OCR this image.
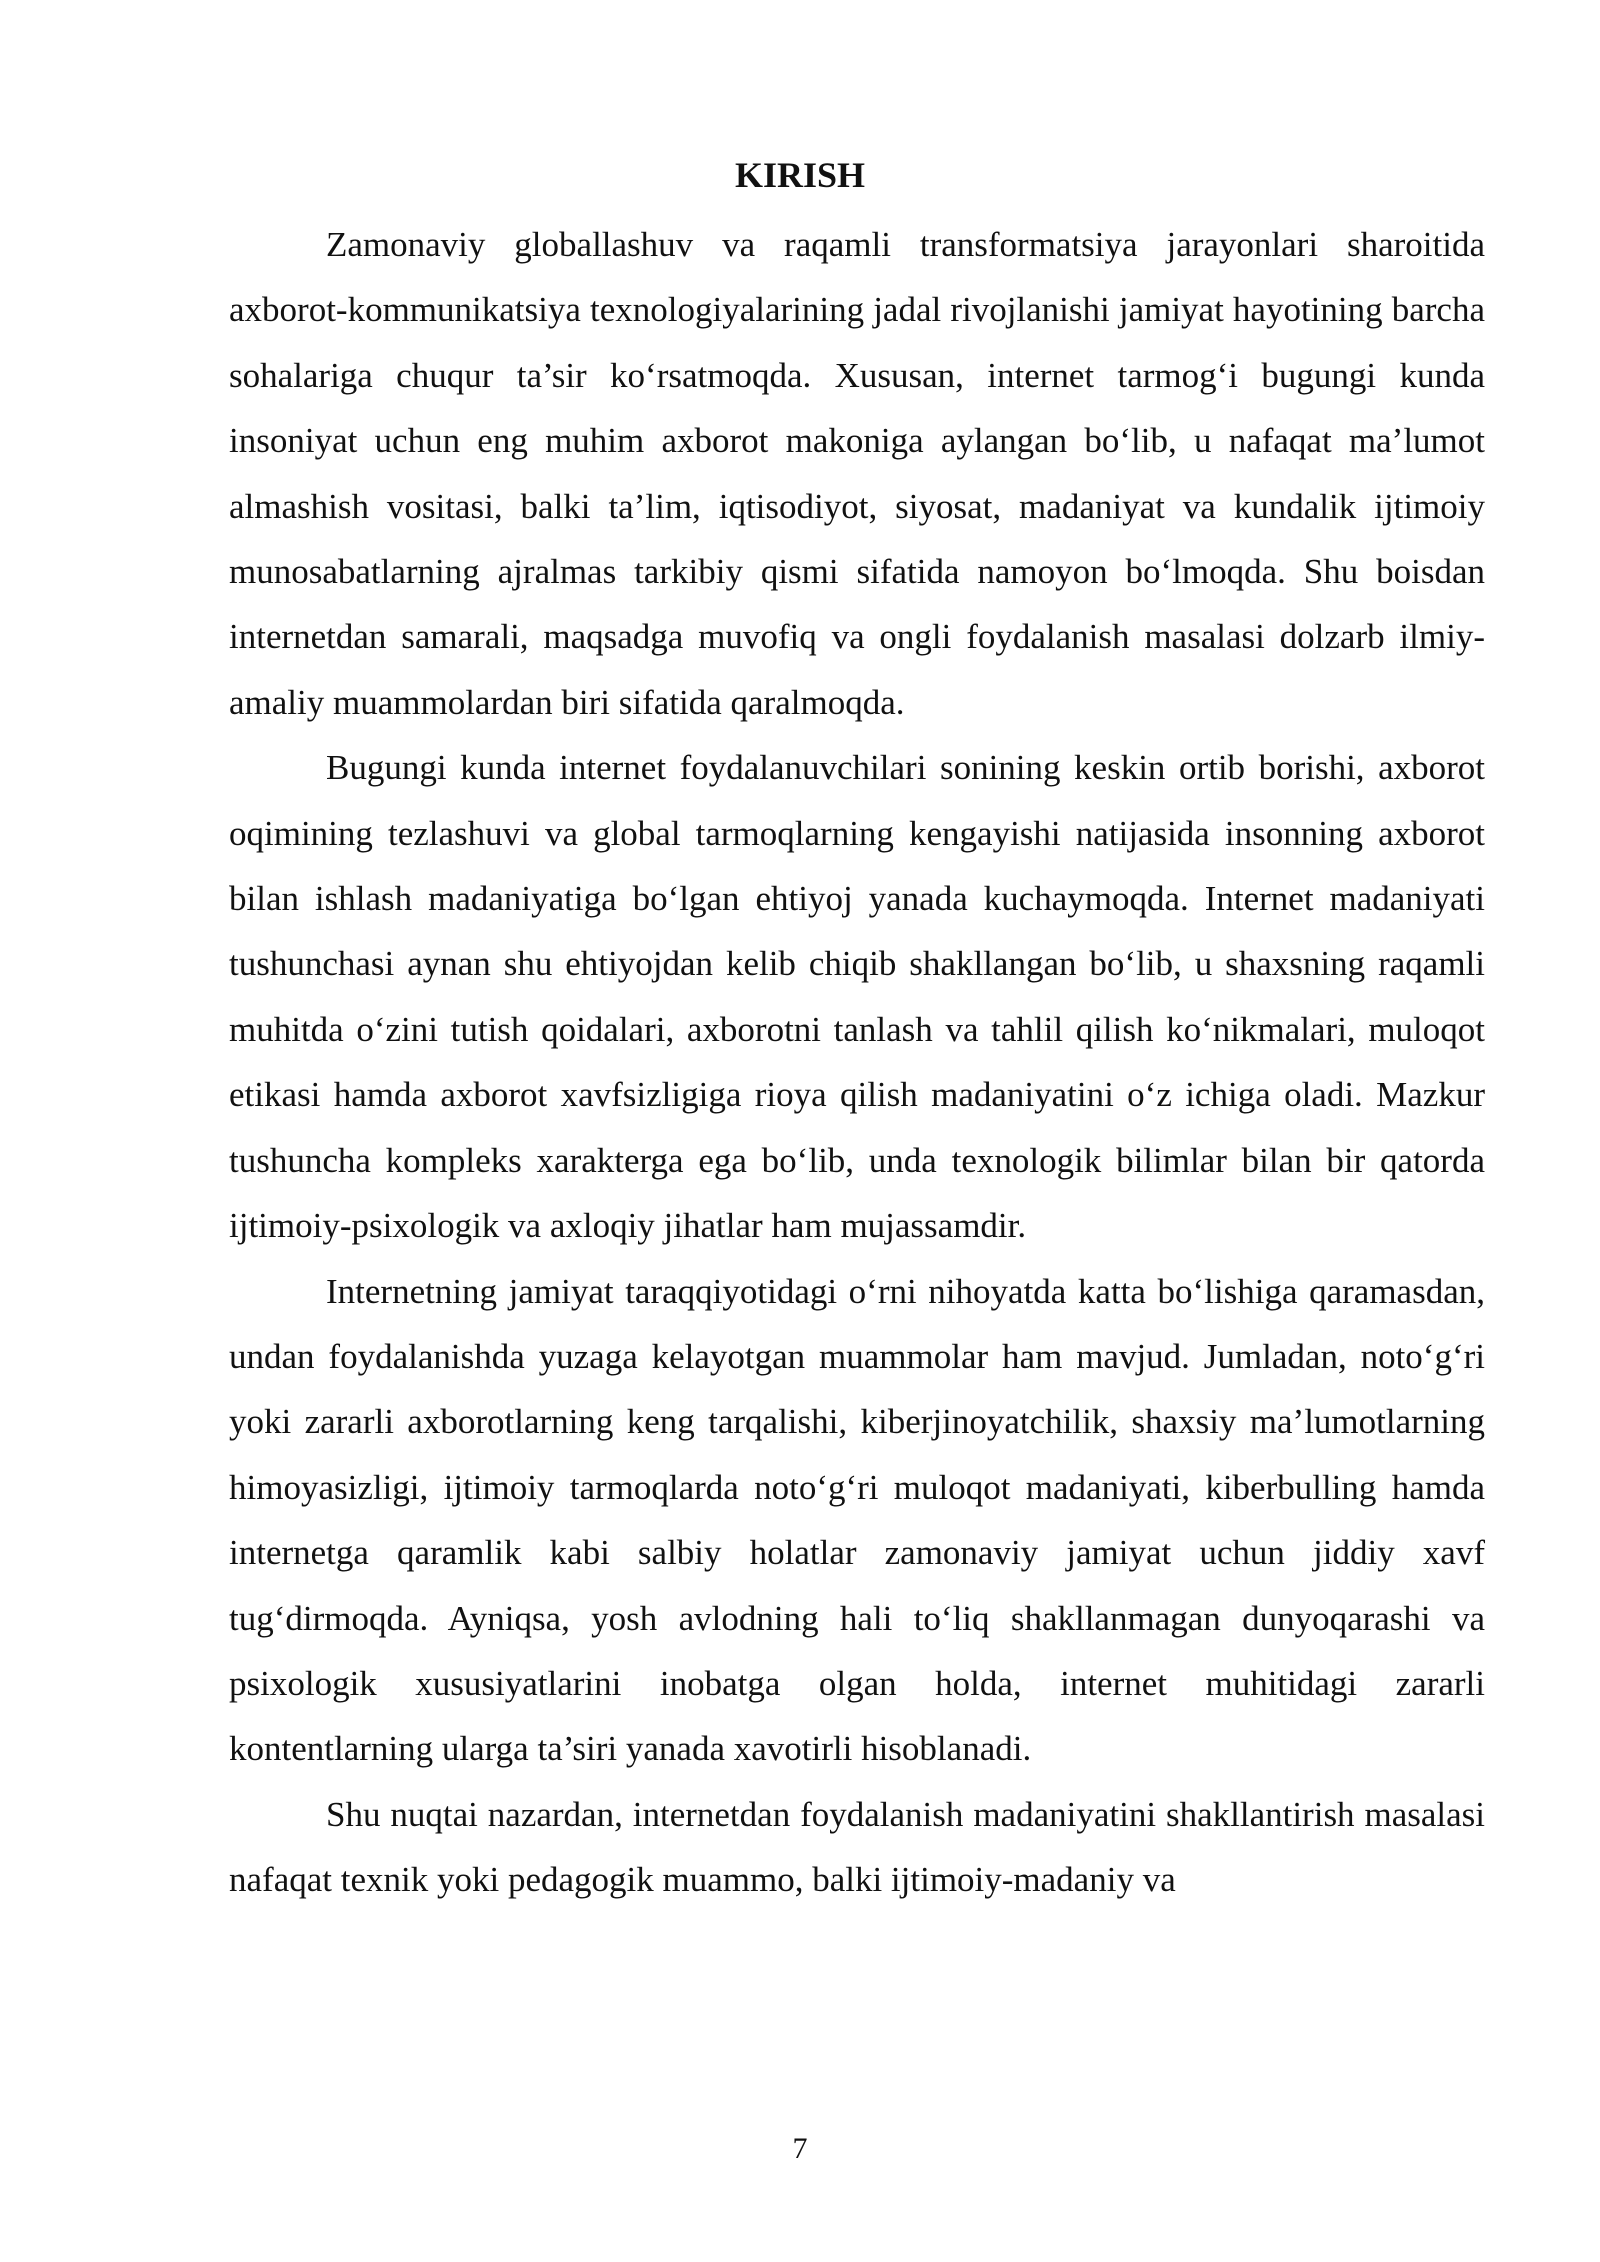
KIRISH

Zamonaviy globallashuv va raqamli transformatsiya jarayonlari sharoitida axborot-kommunikatsiya texnologiyalarining jadal rivojlanishi jamiyat hayotining barcha sohalariga chuqur ta’sir ko‘rsatmoqda. Xususan, internet tarmog‘i bugungi kunda insoniyat uchun eng muhim axborot makoniga aylangan bo‘lib, u nafaqat ma’lumot almashish vositasi, balki ta’lim, iqtisodiyot, siyosat, madaniyat va kundalik ijtimoiy munosabatlarning ajralmas tarkibiy qismi sifatida namoyon bo‘lmoqda. Shu boisdan internetdan samarali, maqsadga muvofiq va ongli foydalanish masalasi dolzarb ilmiy-amaliy muammolardan biri sifatida qaralmoqda.

Bugungi kunda internet foydalanuvchilari sonining keskin ortib borishi, axborot oqimining tezlashuvi va global tarmoqlarning kengayishi natijasida insonning axborot bilan ishlash madaniyatiga bo‘lgan ehtiyoj yanada kuchaymoqda. Internet madaniyati tushunchasi aynan shu ehtiyojdan kelib chiqib shakllangan bo‘lib, u shaxsning raqamli muhitda o‘zini tutish qoidalari, axborotni tanlash va tahlil qilish ko‘nikmalari, muloqot etikasi hamda axborot xavfsizligiga rioya qilish madaniyatini o‘z ichiga oladi. Mazkur tushuncha kompleks xarakterga ega bo‘lib, unda texnologik bilimlar bilan bir qatorda ijtimoiy-psixologik va axloqiy jihatlar ham mujassamdir.

Internetning jamiyat taraqqiyotidagi o‘rni nihoyatda katta bo‘lishiga qaramasdan, undan foydalanishda yuzaga kelayotgan muammolar ham mavjud. Jumladan, noto‘g‘ri yoki zararli axborotlarning keng tarqalishi, kiberjinoyatchilik, shaxsiy ma’lumotlarning himoyasizligi, ijtimoiy tarmoqlarda noto‘g‘ri muloqot madaniyati, kiberbulling hamda internetga qaramlik kabi salbiy holatlar zamonaviy jamiyat uchun jiddiy xavf tug‘dirmoqda. Ayniqsa, yosh avlodning hali to‘liq shakllanmagan dunyoqarashi va psixologik xususiyatlarini inobatga olgan holda, internet muhitidagi zararli kontentlarning ularga ta’siri yanada xavotirli hisoblanadi.

Shu nuqtai nazardan, internetdan foydalanish madaniyatini shakllantirish masalasi nafaqat texnik yoki pedagogik muammo, balki ijtimoiy-madaniy va

7
